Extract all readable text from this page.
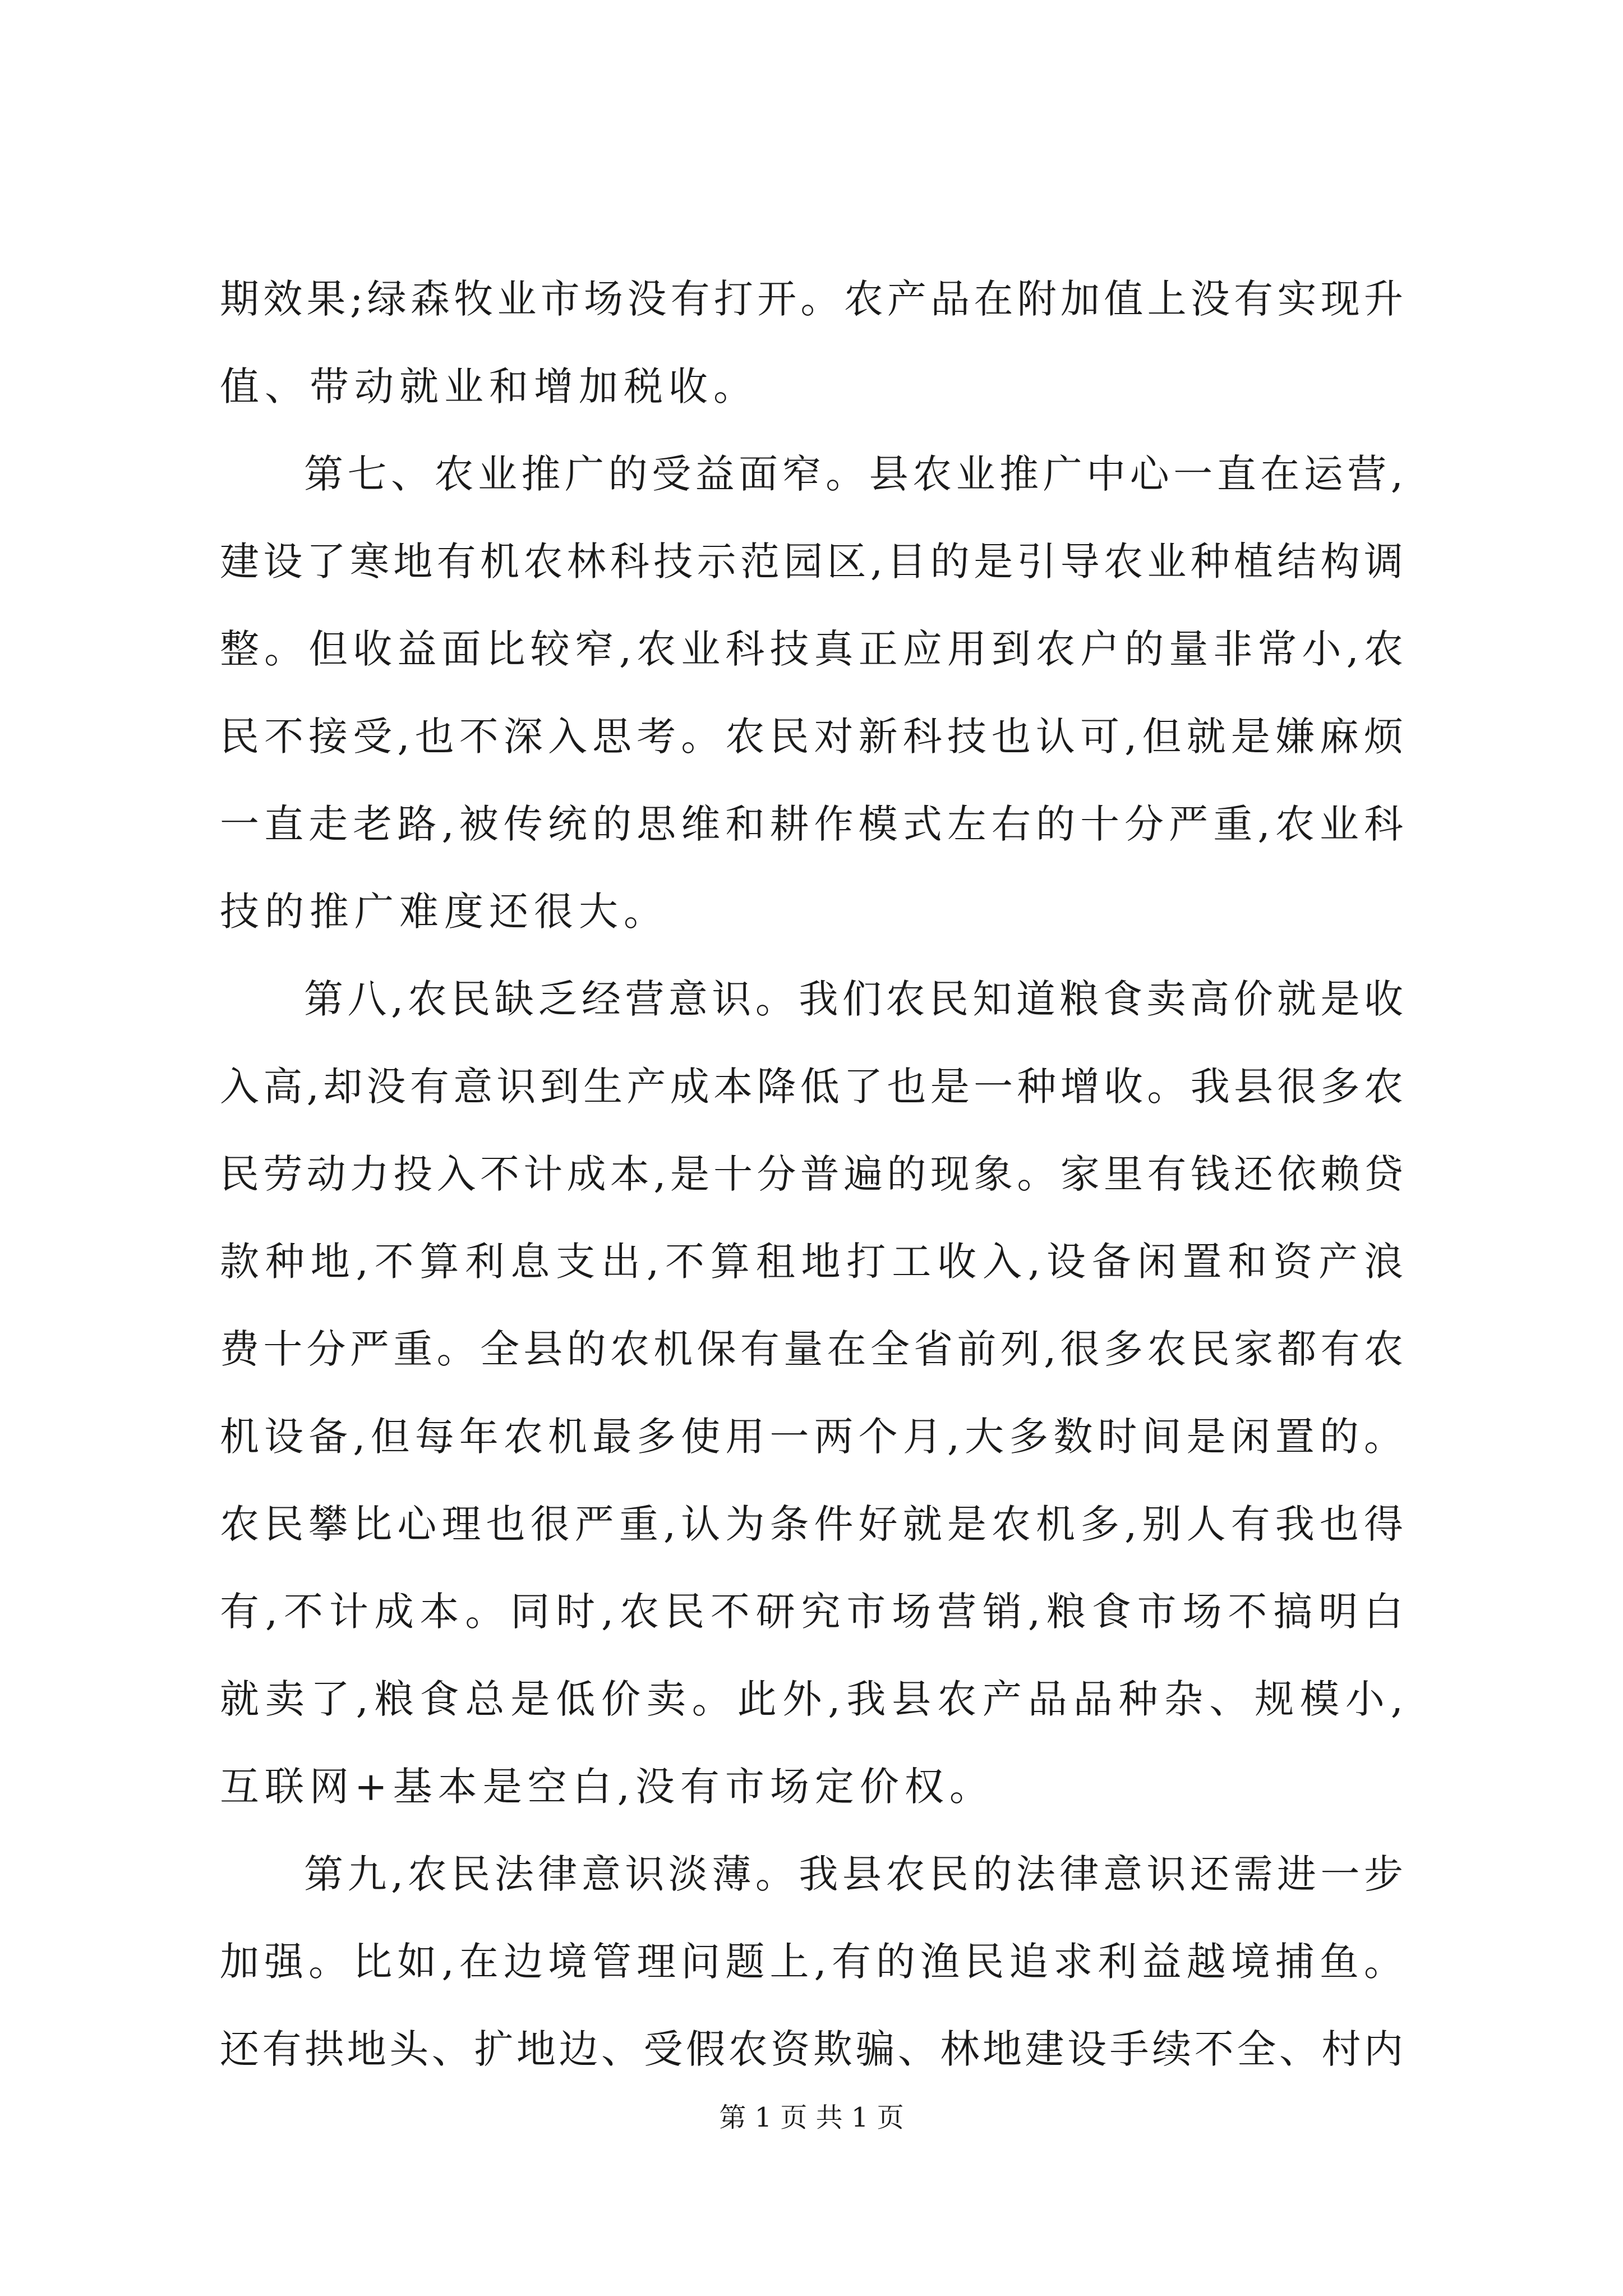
期效果;绿森牧业市场没有打开。农产品在附加值上没有实现升
值、带动就业和增加税收。
第七、农业推广的受益面窄。县农业推广中心一直在运营,
建设了寒地有机农林科技示范园区,目的是引导农业种植结构调
整。但收益面比较窄,农业科技真正应用到农户的量非常小,农
民不接受,也不深入思考。农民对新科技也认可,但就是嫌麻烦
一直走老路,被传统的思维和耕作模式左右的十分严重,农业科
技的推广难度还很大。
第八,农民缺乏经营意识。我们农民知道粮食卖高价就是收
入高,却没有意识到生产成本降低了也是一种增收。我县很多农
民劳动力投入不计成本,是十分普遍的现象。家里有钱还依赖贷
款种地,不算利息支出,不算租地打工收入,设备闲置和资产浪
费十分严重。全县的农机保有量在全省前列,很多农民家都有农
机设备,但每年农机最多使用一两个月,大多数时间是闲置的。
农民攀比心理也很严重,认为条件好就是农机多,别人有我也得
有,不计成本。同时,农民不研究市场营销,粮食市场不搞明白
就卖了,粮食总是低价卖。此外,我县农产品品种杂、规模小,
互联网+基本是空白,没有市场定价权。
第九,农民法律意识淡薄。我县农民的法律意识还需进一步
加强。比如,在边境管理问题上,有的渔民追求利益越境捕鱼。
还有拱地头、扩地边、受假农资欺骗、林地建设手续不全、村内
第 1 页 共 1 页
